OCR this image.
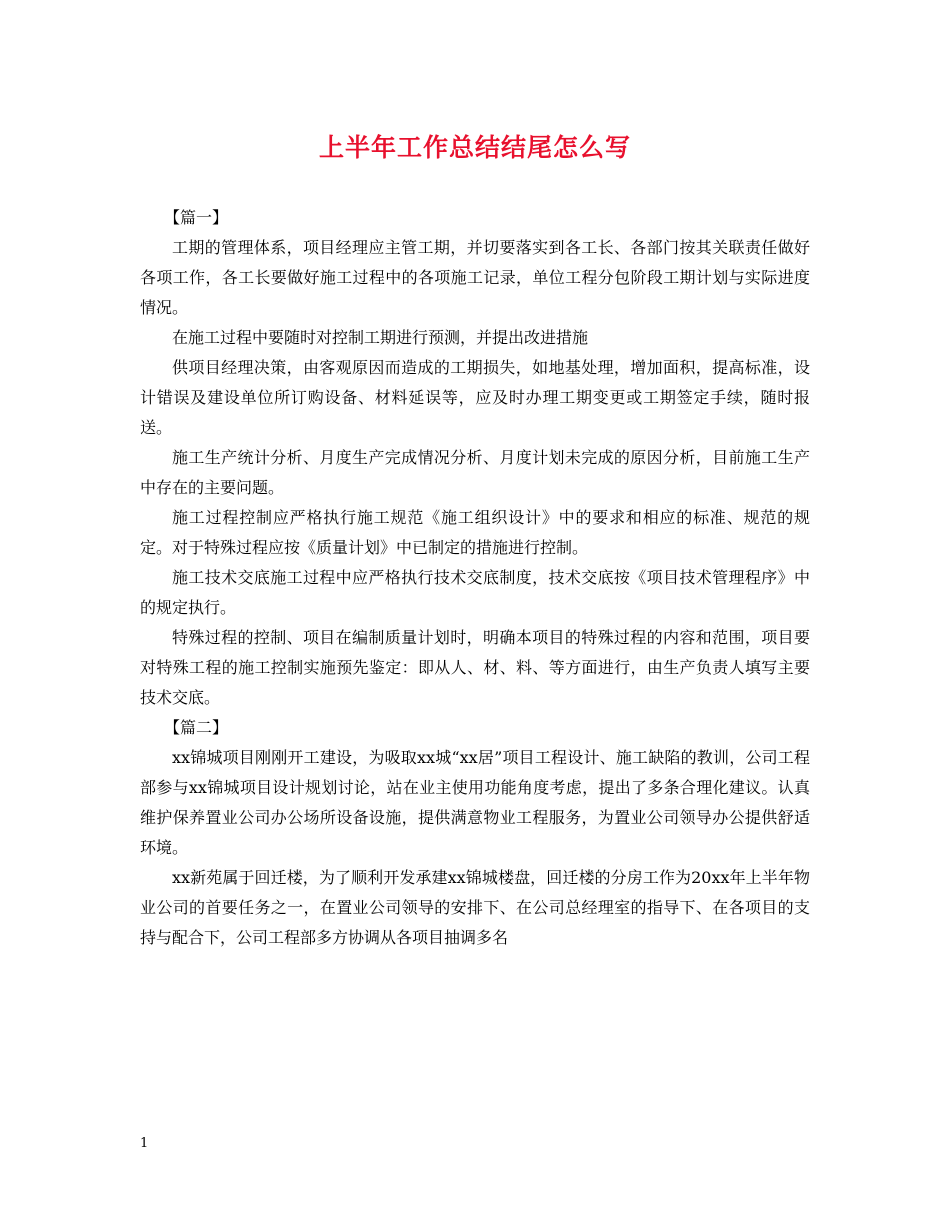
上半年工作总结结尾怎么写

【篇一】

工期的管理体系，项目经理应主管工期，并切要落实到各工长、各部门按其关联责任做好各项工作，各工长要做好施工过程中的各项施工记录，单位工程分包阶段工期计划与实际进度情况。

在施工过程中要随时对控制工期进行预测，并提出改进措施

供项目经理决策，由客观原因而造成的工期损失，如地基处理，增加面积，提高标准，设计错误及建设单位所订购设备、材料延误等，应及时办理工期变更或工期签定手续，随时报送。

施工生产统计分析、月度生产完成情况分析、月度计划未完成的原因分析，目前施工生产中存在的主要问题。

施工过程控制应严格执行施工规范《施工组织设计》中的要求和相应的标准、规范的规定。对于特殊过程应按《质量计划》中已制定的措施进行控制。

施工技术交底施工过程中应严格执行技术交底制度，技术交底按《项目技术管理程序》中的规定执行。

特殊过程的控制、项目在编制质量计划时，明确本项目的特殊过程的内容和范围，项目要对特殊工程的施工控制实施预先鉴定：即从人、材、料、等方面进行，由生产负责人填写主要技术交底。

【篇二】

xx锦城项目刚刚开工建设，为吸取xx城“xx居”项目工程设计、施工缺陷的教训，公司工程部参与xx锦城项目设计规划讨论，站在业主使用功能角度考虑，提出了多条合理化建议。认真维护保养置业公司办公场所设备设施，提供满意物业工程服务，为置业公司领导办公提供舒适环境。

xx新苑属于回迁楼，为了顺利开发承建xx锦城楼盘，回迁楼的分房工作为20xx年上半年物业公司的首要任务之一，在置业公司领导的安排下、在公司总经理室的指导下、在各项目的支持与配合下，公司工程部多方协调从各项目抽调多名

1
